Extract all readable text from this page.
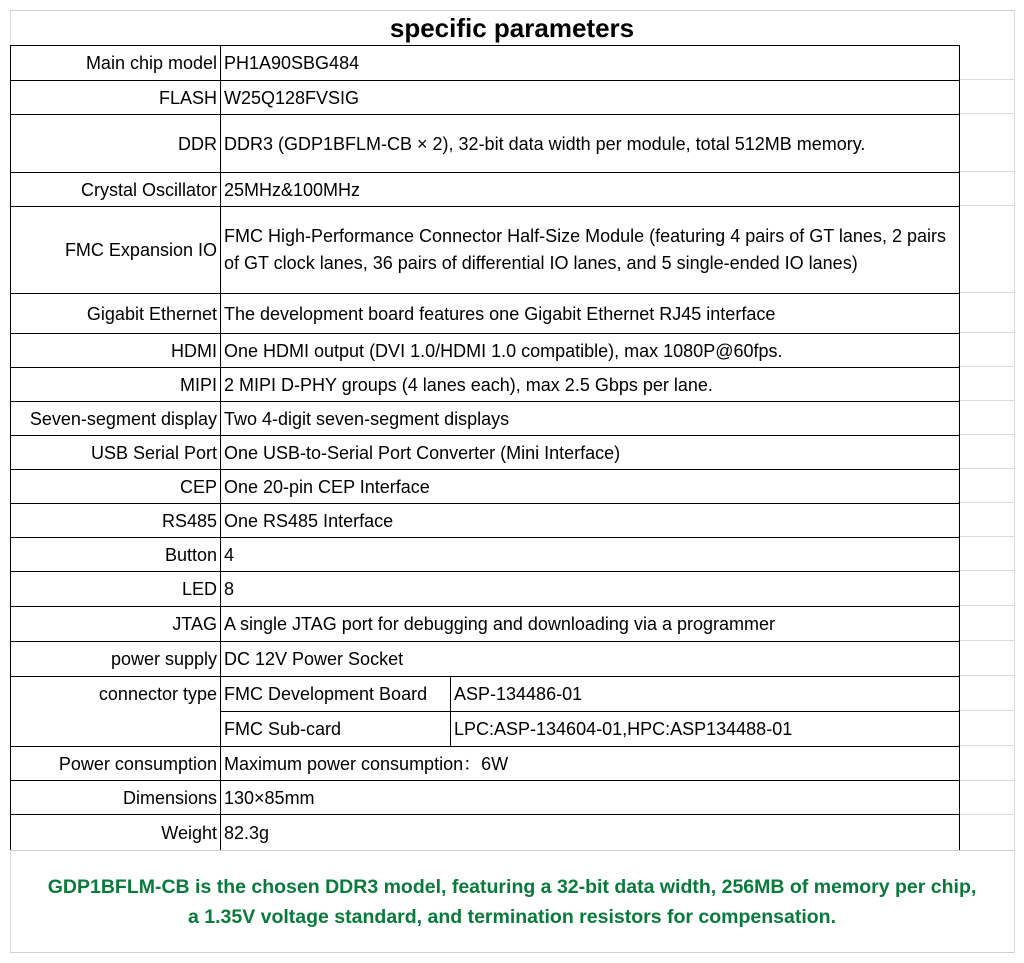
specific parameters
Main chip model	PH1A90SBG484	
FLASH	W25Q128FVSIG	
DDR	DDR3 (GDP1BFLM-CB × 2), 32-bit data width per module, total 512MB memory.	
Crystal Oscillator	25MHz&100MHz	
FMC Expansion IO	FMC High-Performance Connector Half-Size Module (featuring 4 pairs of GT lanes, 2 pairs of GT clock lanes, 36 pairs of differential IO lanes, and 5 single-ended IO lanes)	
Gigabit Ethernet	The development board features one Gigabit Ethernet RJ45 interface	
HDMI	One HDMI output (DVI 1.0/HDMI 1.0 compatible), max 1080P@60fps.	
MIPI	2 MIPI D-PHY groups (4 lanes each), max 2.5 Gbps per lane.	
Seven-segment display	Two 4-digit seven-segment displays	
USB Serial Port	One USB-to-Serial Port Converter (Mini Interface)	
CEP	One 20-pin CEP Interface	
RS485	One RS485 Interface	
Button	4	
LED	8	
JTAG	A single JTAG port for debugging and downloading via a programmer	
power supply	DC 12V Power Socket	
connector type	FMC Development Board	ASP-134486-01
	FMC Sub-card	LPC:ASP-134604-01,HPC:ASP134488-01
Power consumption	Maximum power consumption：6W	
Dimensions	130×85mm	
Weight	82.3g	

GDP1BFLM-CB is the chosen DDR3 model, featuring a 32-bit data width, 256MB of memory per chip, a 1.35V voltage standard, and termination resistors for compensation.
